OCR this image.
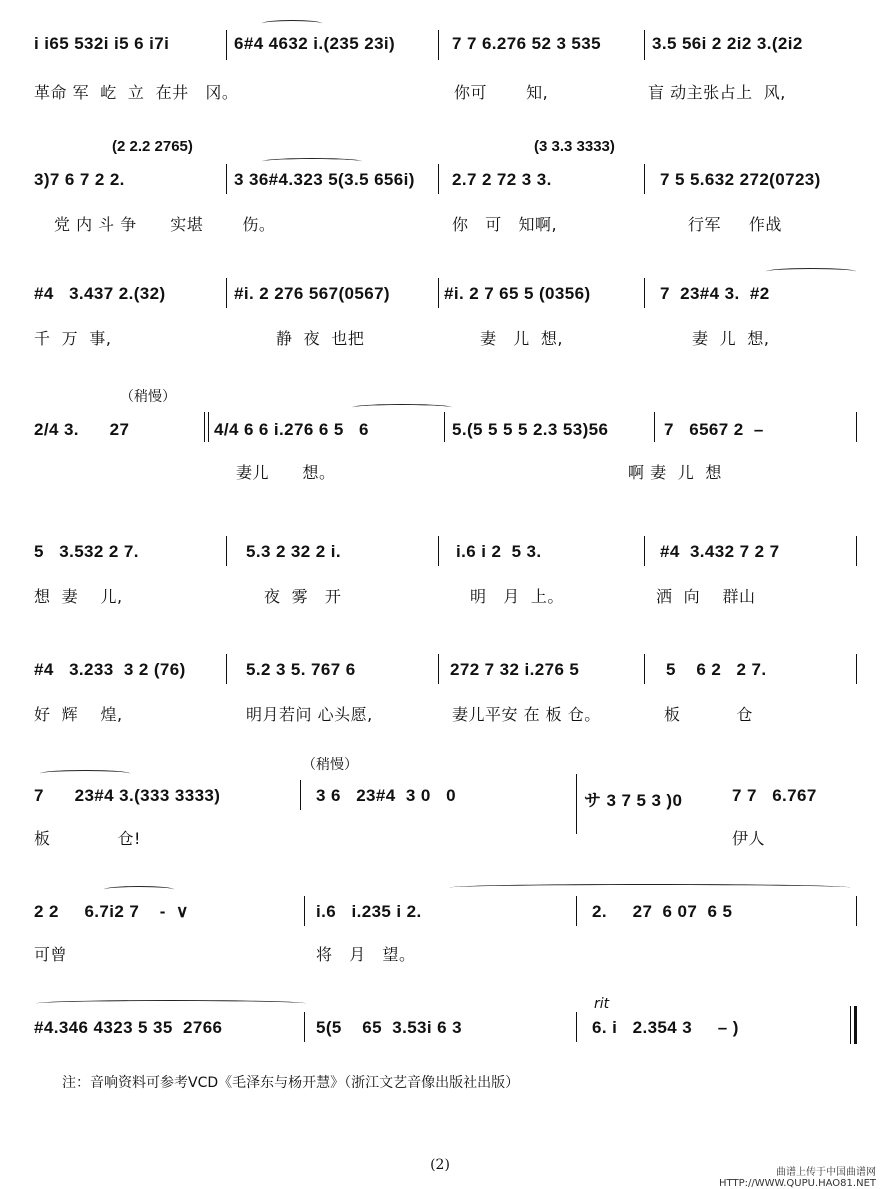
i i65 532i i5 6 i7i	6#4 4632 i.(235 23i)	7 7 6.276 52 3 535	3.5 56i 2 2i2 3.(2i2
革命 军  屹  立  在井   冈。	你可       知,	盲 动主张占上  风,
(2 2.2 2765)	(3 3.3 3333)
3)7 6 7 2 2.	3 36#4.323 5(3.5 656i) 2.7 2 72 3 3.	7 5 5.632 272(0723)
党 内 斗 争      实堪       伤。	你   可   知啊,	行军     作战
#4   3.437 2.(32)	#i. 2 276 567(0567)	#i. 2 7 65 5 (0356)	7  23#4 3.  #2
千  万  事,	静  夜  也把	妻   儿  想,	妻  儿  想,
（稍慢）
2/4 3.      27	4/4 6 6 i.276 6 5   6	5.(5 5 5 5 2.3 53)56	7   6567 2  –
妻儿      想。	啊 妻  儿  想
5   3.532 2 7.	5.3 2 32 2 i.	i.6 i 2  5 3.	#4  3.432 7 2 7
想  妻    儿,	夜  雾   开	明   月  上。	洒  向    群山
#4   3.233  3 2 (76)	5.2 3 5. 767 6	272 7 32 i.276 5	5    6 2   2 7.
好  辉    煌,	明月若问 心头愿,	妻儿平安 在 板 仓。	板          仓
（稍慢）
7      23#4 3.(333 3333)	3 6   23#4  3 0   0	サ 3 7 5 3 )0	7 7   6.767
板            仓!	伊人
2 2     6.7i2 7    -  ∨	i.6   i.235 i 2.	2.     27  6 07  6 5
可曾	将   月   望。
rit
#4.346 4323 5 35  2766	5(5    65  3.53i 6 3	6. i   2.354 3     – )
注：音响资料可参考VCD《毛泽东与杨开慧》（浙江文艺音像出版社出版）
(2)	曲谱上传于中国曲谱网
HTTP://WWW.QUPU.HAO81.NET
